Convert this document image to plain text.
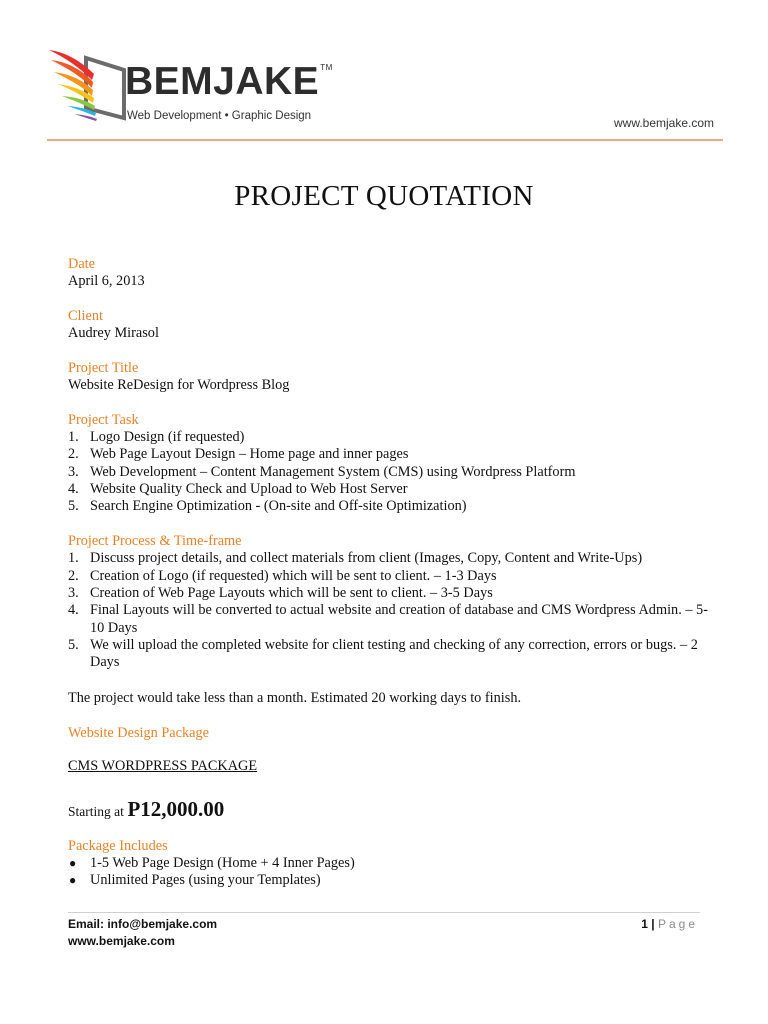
BEMJAKE™
Web Development • Graphic Design	www.bemjake.com
PROJECT QUOTATION
Date
April 6, 2013
Client
Audrey Mirasol
Project Title
Website ReDesign for Wordpress Blog
Project Task
1. Logo Design (if requested)
2. Web Page Layout Design – Home page and inner pages
3. Web Development – Content Management System (CMS) using Wordpress Platform
4. Website Quality Check and Upload to Web Host Server
5. Search Engine Optimization - (On-site and Off-site Optimization)
Project Process & Time-frame
1. Discuss project details, and collect materials from client (Images, Copy, Content and Write-Ups)
2. Creation of Logo (if requested) which will be sent to client. – 1-3 Days
3. Creation of Web Page Layouts which will be sent to client. – 3-5 Days
4. Final Layouts will be converted to actual website and creation of database and CMS Wordpress Admin. – 5-10 Days
5. We will upload the completed website for client testing and checking of any correction, errors or bugs. – 2 Days
The project would take less than a month. Estimated 20 working days to finish.
Website Design Package
CMS WORDPRESS PACKAGE
Starting at P12,000.00
Package Includes
● 1-5 Web Page Design (Home + 4 Inner Pages)
● Unlimited Pages (using your Templates)
Email: info@bemjake.com
www.bemjake.com
1 | Page
